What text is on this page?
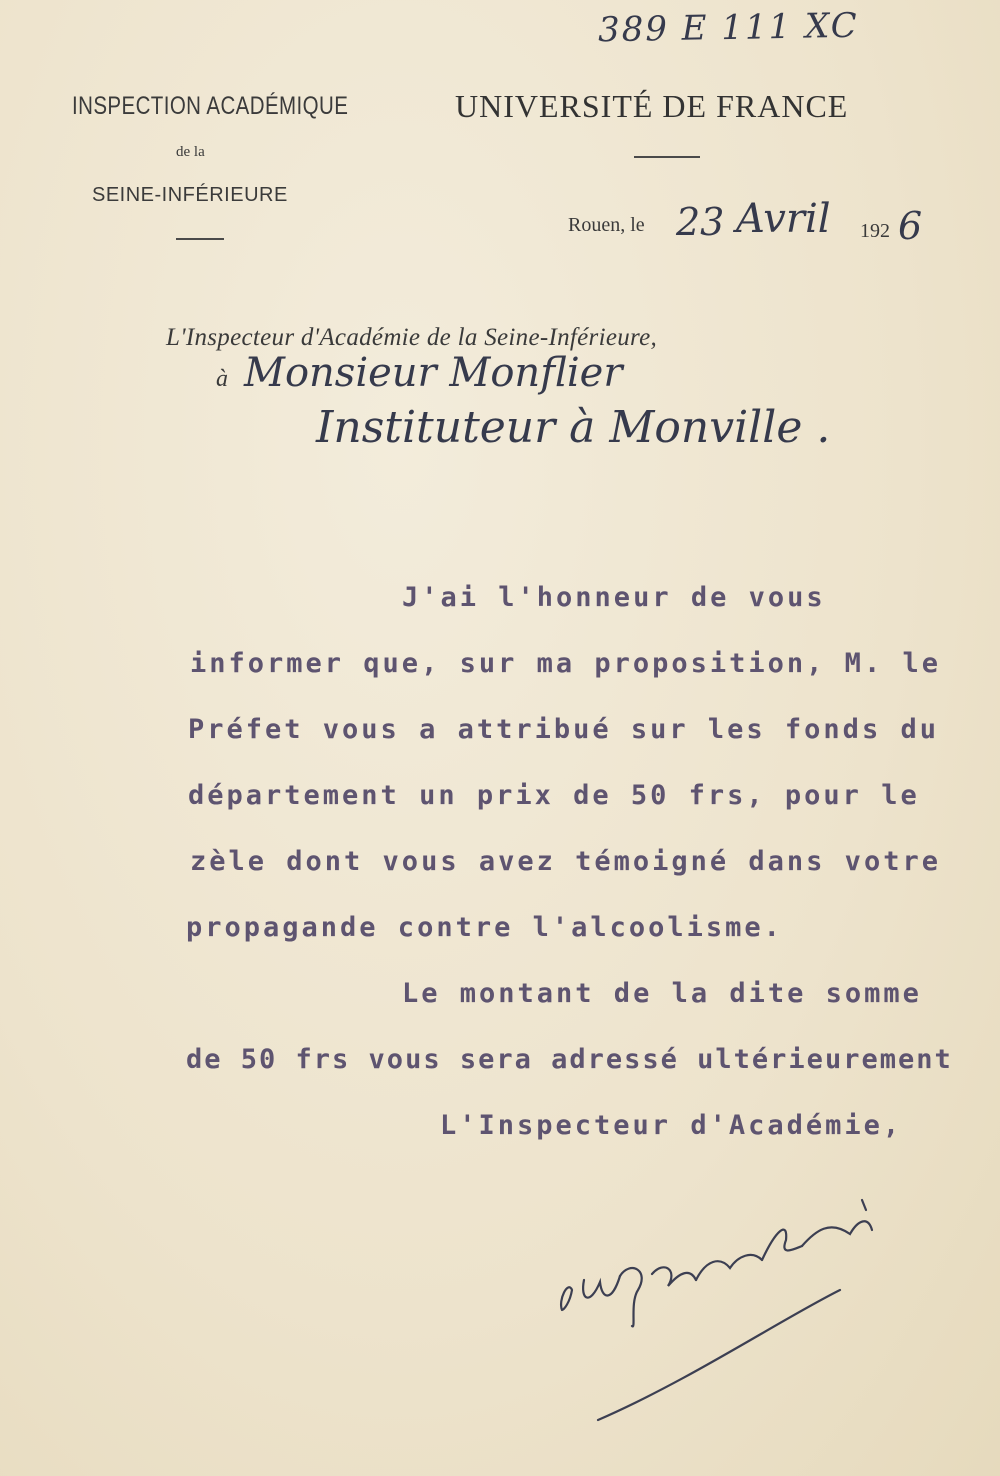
389 E 111 XC
INSPECTION ACADÉMIQUE
de la
SEINE-INFÉRIEURE
UNIVERSITÉ DE FRANCE
Rouen, le 23 Avril 192 6
L'Inspecteur d'Académie de la Seine-Inférieure,
à Monsieur Monflier
Instituteur à Monville .
J'ai l'honneur de vous
informer que, sur ma proposition, M. le
Préfet vous a attribué sur les fonds du
département un prix de 50 frs, pour le
zèle dont vous avez témoigné dans votre
propagande contre l'alcoolisme.
Le montant de la dite somme
de 50 frs vous sera adressé ultérieurement
L'Inspecteur d'Académie,
